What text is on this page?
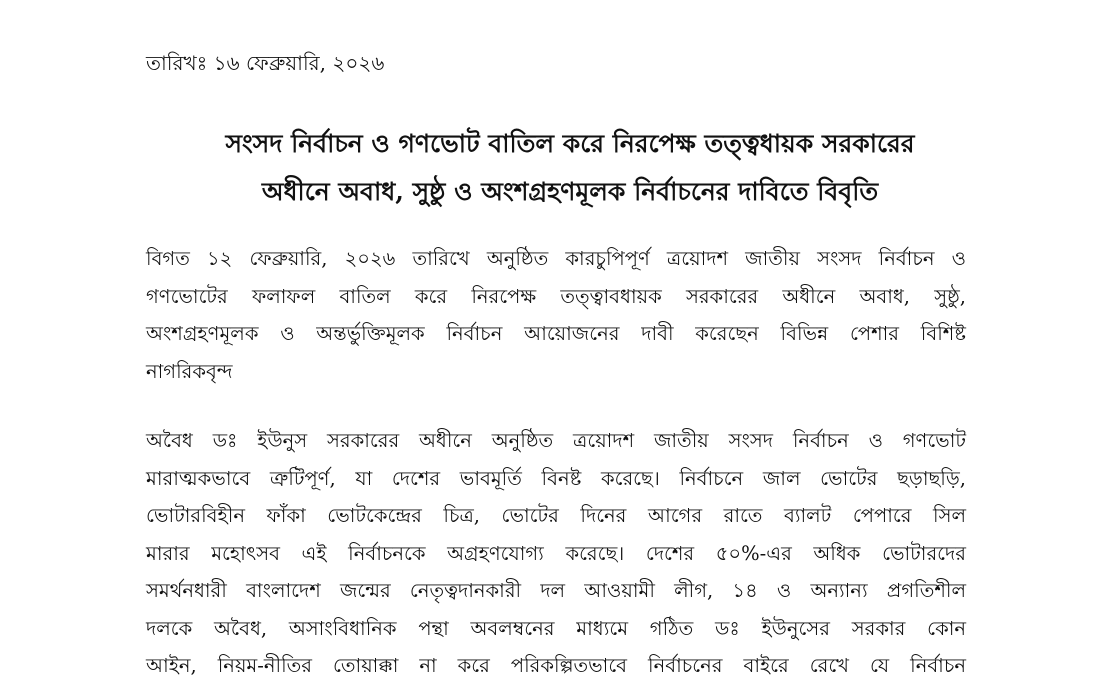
তারিখঃ ১৬ ফেব্রুয়ারি, ২০২৬
সংসদ নির্বাচন ও গণভোট বাতিল করে নিরপেক্ষ তত্ত্বধায়ক সরকারের
অধীনে অবাধ, সুষ্ঠু ও অংশগ্রহণমূলক নির্বাচনের দাবিতে বিবৃতি
বিগত ১২ ফেব্রুয়ারি, ২০২৬ তারিখে অনুষ্ঠিত কারচুপিপূর্ণ ত্রয়োদশ জাতীয় সংসদ নির্বাচন ও
গণভোটের ফলাফল বাতিল করে নিরপেক্ষ তত্ত্বাবধায়ক সরকারের অধীনে অবাধ, সুষ্ঠু,
অংশগ্রহণমূলক ও অন্তর্ভুক্তিমূলক নির্বাচন আয়োজনের দাবী করেছেন বিভিন্ন পেশার বিশিষ্ট
নাগরিকবৃন্দ
অবৈধ ডঃ ইউনুস সরকারের অধীনে অনুষ্ঠিত ত্রয়োদশ জাতীয় সংসদ নির্বাচন ও গণভোট
মারাত্মকভাবে ত্রুটিপূর্ণ, যা দেশের ভাবমূর্তি বিনষ্ট করেছে। নির্বাচনে জাল ভোটের ছড়াছড়ি,
ভোটারবিহীন ফাঁকা ভোটকেন্দ্রের চিত্র, ভোটের দিনের আগের রাতে ব্যালট পেপারে সিল
মারার মহোৎসব এই নির্বাচনকে অগ্রহণযোগ্য করেছে। দেশের ৫০%-এর অধিক ভোটারদের
সমর্থনধারী বাংলাদেশ জন্মের নেতৃত্বদানকারী দল আওয়ামী লীগ, ১৪ ও অন্যান্য প্রগতিশীল
দলকে অবৈধ, অসাংবিধানিক পন্থা অবলম্বনের মাধ্যমে গঠিত ডঃ ইউনুসের সরকার কোন
আইন, নিয়ম-নীতির তোয়াক্কা না করে পরিকল্পিতভাবে নির্বাচনের বাইরে রেখে যে নির্বাচন
